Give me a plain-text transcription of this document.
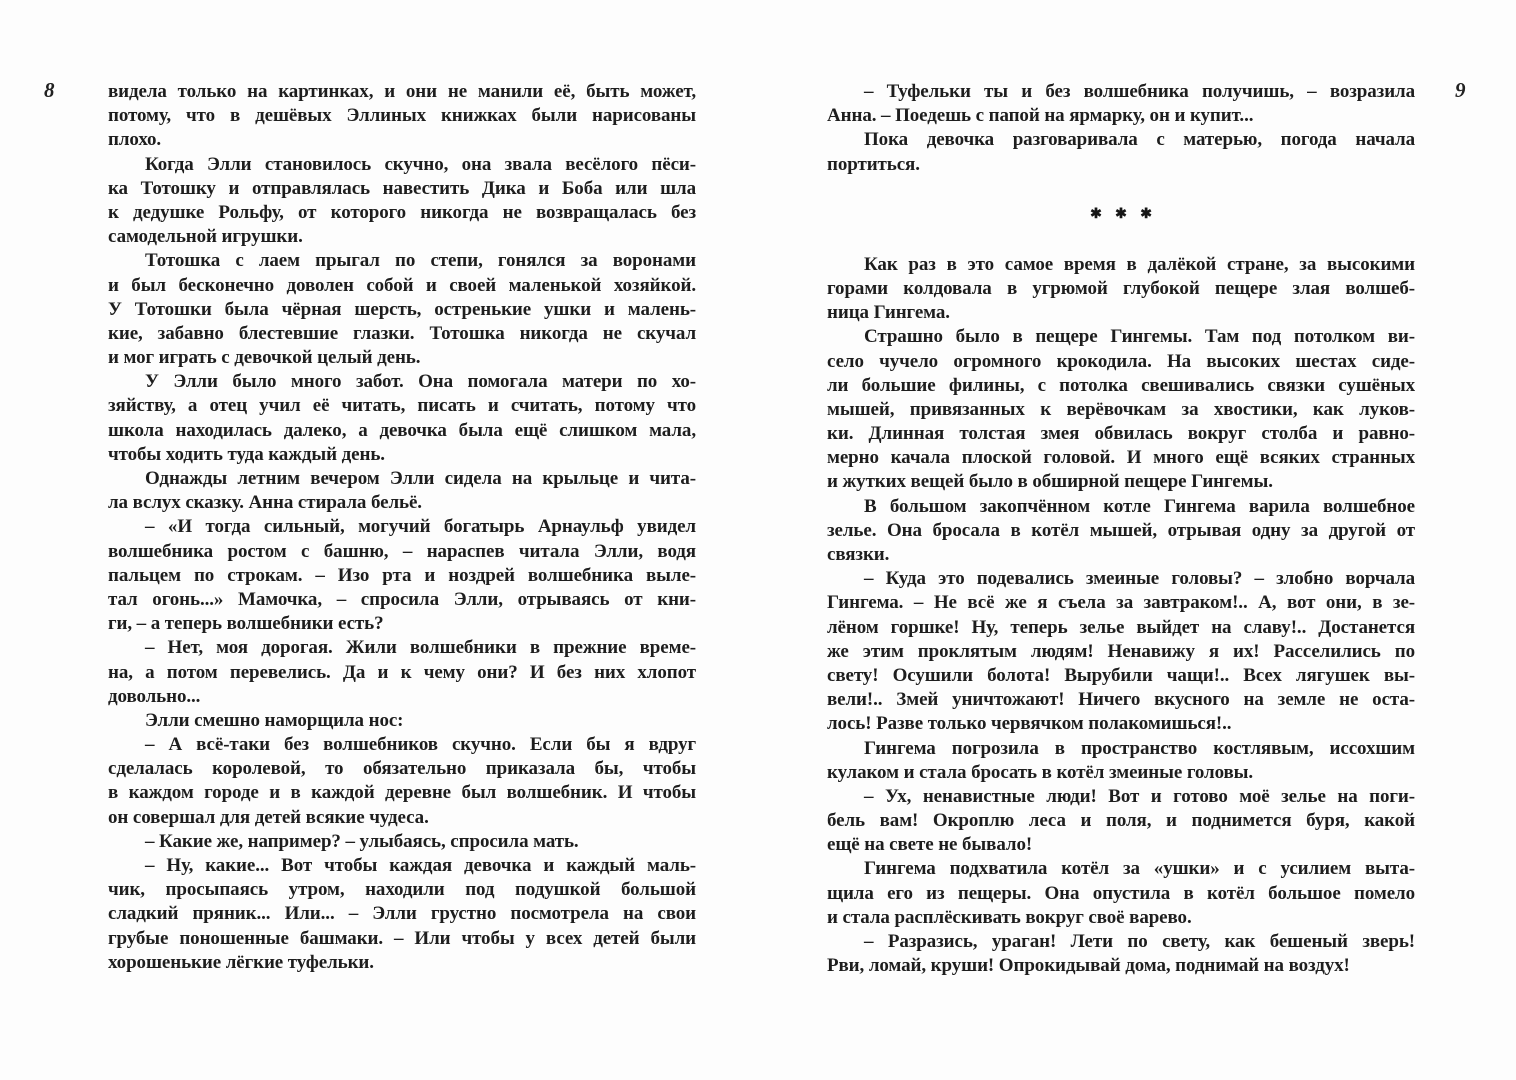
8	видела только на картинках, и они не манили её, быть может,
потому, что в дешёвых Эллиных книжках были нарисованы
плохо.
Когда Элли становилось скучно, она звала весёлого пёси-
ка Тотошку и отправлялась навестить Дика и Боба или шла
к дедушке Рольфу, от которого никогда не возвращалась без
самодельной игрушки.
Тотошка с лаем прыгал по степи, гонялся за воронами
и был бесконечно доволен собой и своей маленькой хозяйкой.
У Тотошки была чёрная шерсть, остренькие ушки и малень-
кие, забавно блестевшие глазки. Тотошка никогда не скучал
и мог играть с девочкой целый день.
У Элли было много забот. Она помогала матери по хо-
зяйству, а отец учил её читать, писать и считать, потому что
школа находилась далеко, а девочка была ещё слишком мала,
чтобы ходить туда каждый день.
Однажды летним вечером Элли сидела на крыльце и чита-
ла вслух сказку. Анна стирала бельё.
– «И тогда сильный, могучий богатырь Арнаульф увидел
волшебника ростом с башню, – нараспев читала Элли, водя
пальцем по строкам. – Изо рта и ноздрей волшебника выле-
тал огонь...» Мамочка, – спросила Элли, отрываясь от кни-
ги, – а теперь волшебники есть?
– Нет, моя дорогая. Жили волшебники в прежние време-
на, а потом перевелись. Да и к чему они? И без них хлопот
довольно...
Элли смешно наморщила нос:
– А всё-таки без волшебников скучно. Если бы я вдруг
сделалась королевой, то обязательно приказала бы, чтобы
в каждом городе и в каждой деревне был волшебник. И чтобы
он совершал для детей всякие чудеса.
– Какие же, например? – улыбаясь, спросила мать.
– Ну, какие... Вот чтобы каждая девочка и каждый маль-
чик, просыпаясь утром, находили под подушкой большой
сладкий пряник... Или... – Элли грустно посмотрела на свои
грубые поношенные башмаки. – Или чтобы у всех детей были
хорошенькие лёгкие туфельки.
– Туфельки ты и без волшебника получишь, – возразила
Анна. – Поедешь с папой на ярмарку, он и купит...
Пока девочка разговаривала с матерью, погода начала
портиться.
✱ ✱ ✱
Как раз в это самое время в далёкой стране, за высокими
горами колдовала в угрюмой глубокой пещере злая волшеб-
ница Гингема.
Страшно было в пещере Гингемы. Там под потолком ви-
село чучело огромного крокодила. На высоких шестах сиде-
ли большие филины, с потолка свешивались связки сушёных
мышей, привязанных к верёвочкам за хвостики, как луков-
ки. Длинная толстая змея обвилась вокруг столба и равно-
мерно качала плоской головой. И много ещё всяких странных
и жутких вещей было в обширной пещере Гингемы.
В большом закопчённом котле Гингема варила волшебное
зелье. Она бросала в котёл мышей, отрывая одну за другой от
связки.
– Куда это подевались змеиные головы? – злобно ворчала
Гингема. – Не всё же я съела за завтраком!.. А, вот они, в зе-
лёном горшке! Ну, теперь зелье выйдет на славу!.. Достанется
же этим проклятым людям! Ненавижу я их! Расселились по
свету! Осушили болота! Вырубили чащи!.. Всех лягушек вы-
вели!.. Змей уничтожают! Ничего вкусного на земле не оста-
лось! Разве только червячком полакомишься!..
Гингема погрозила в пространство костлявым, иссохшим
кулаком и стала бросать в котёл змеиные головы.
– Ух, ненавистные люди! Вот и готово моё зелье на поги-
бель вам! Окроплю леса и поля, и поднимется буря, какой
ещё на свете не бывало!
Гингема подхватила котёл за «ушки» и с усилием выта-
щила его из пещеры. Она опустила в котёл большое помело
и стала расплёскивать вокруг своё варево.
– Разразись, ураган! Лети по свету, как бешеный зверь!
Рви, ломай, круши! Опрокидывай дома, поднимай на воздух!
9
